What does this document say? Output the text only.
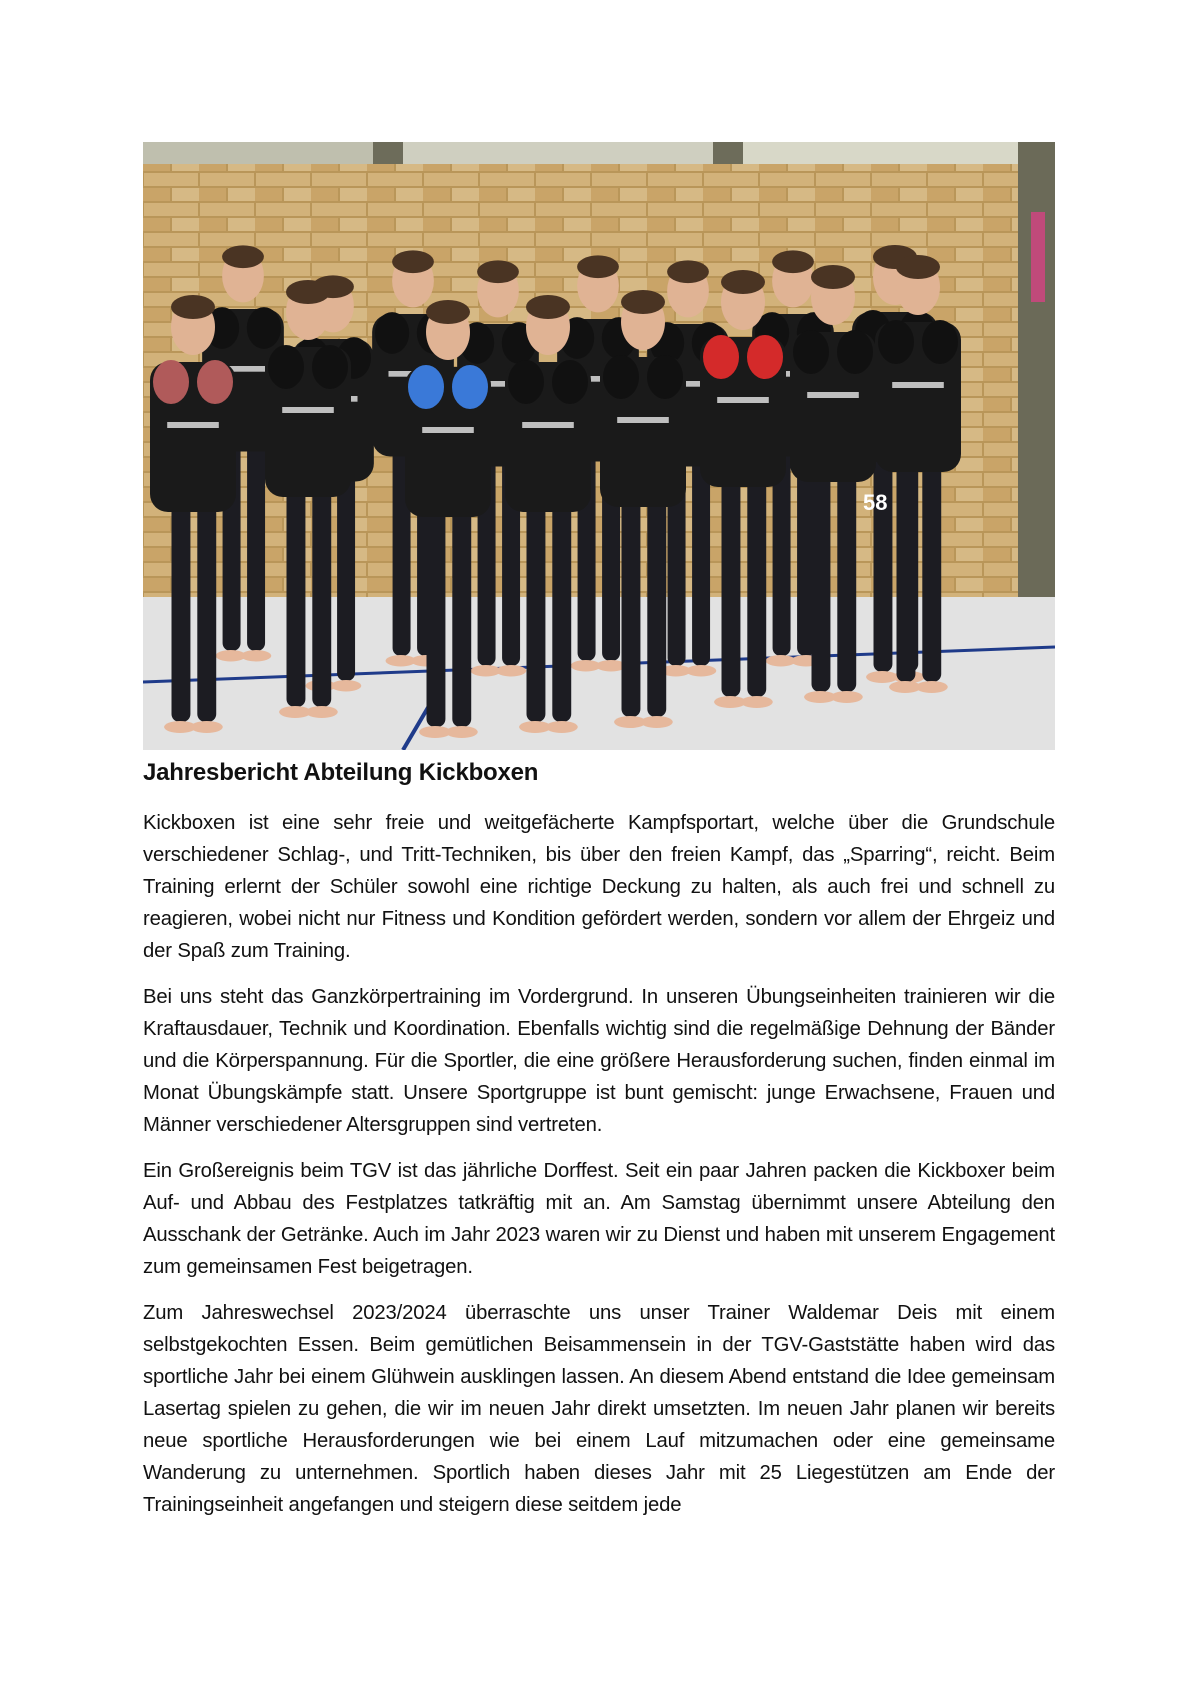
58
Jahresbericht Abteilung Kickboxen

Kickboxen ist eine sehr freie und weitgefächerte Kampfsportart, welche über die Grundschule verschiedener Schlag-, und Tritt-Techniken, bis über den freien Kampf, das „Sparring“, reicht. Beim Training erlernt der Schüler sowohl eine richtige Deckung zu halten, als auch frei und schnell zu reagieren, wobei nicht nur Fitness und Kondition gefördert werden, sondern vor allem der Ehrgeiz und der Spaß zum Training.

Bei uns steht das Ganzkörpertraining im Vordergrund. In unseren Übungseinheiten trainieren wir die Kraftausdauer, Technik und Koordination. Ebenfalls wichtig sind die regelmäßige Dehnung der Bänder und die Körperspannung. Für die Sportler, die eine größere Herausforderung suchen, finden einmal im Monat Übungskämpfe statt. Unsere Sportgruppe ist bunt gemischt: junge Erwachsene, Frauen und Männer verschiedener Altersgruppen sind vertreten.

Ein Großereignis beim TGV ist das jährliche Dorffest. Seit ein paar Jahren packen die Kickboxer beim Auf- und Abbau des Festplatzes tatkräftig mit an. Am Samstag übernimmt unsere Abteilung den Ausschank der Getränke. Auch im Jahr 2023 waren wir zu Dienst und haben mit unserem Engagement zum gemeinsamen Fest beigetragen.

Zum Jahreswechsel 2023/2024 überraschte uns unser Trainer Waldemar Deis mit einem selbstgekochten Essen. Beim gemütlichen Beisammensein in der TGV-Gaststätte haben wird das sportliche Jahr bei einem Glühwein ausklingen lassen. An diesem Abend entstand die Idee gemeinsam Lasertag spielen zu gehen, die wir im neuen Jahr direkt umsetzten. Im neuen Jahr planen wir bereits neue sportliche Herausforderungen wie bei einem Lauf mitzumachen oder eine gemeinsame Wanderung zu unternehmen. Sportlich haben dieses Jahr mit 25 Liegestützen am Ende der Trainingseinheit angefangen und steigern diese seitdem jede
